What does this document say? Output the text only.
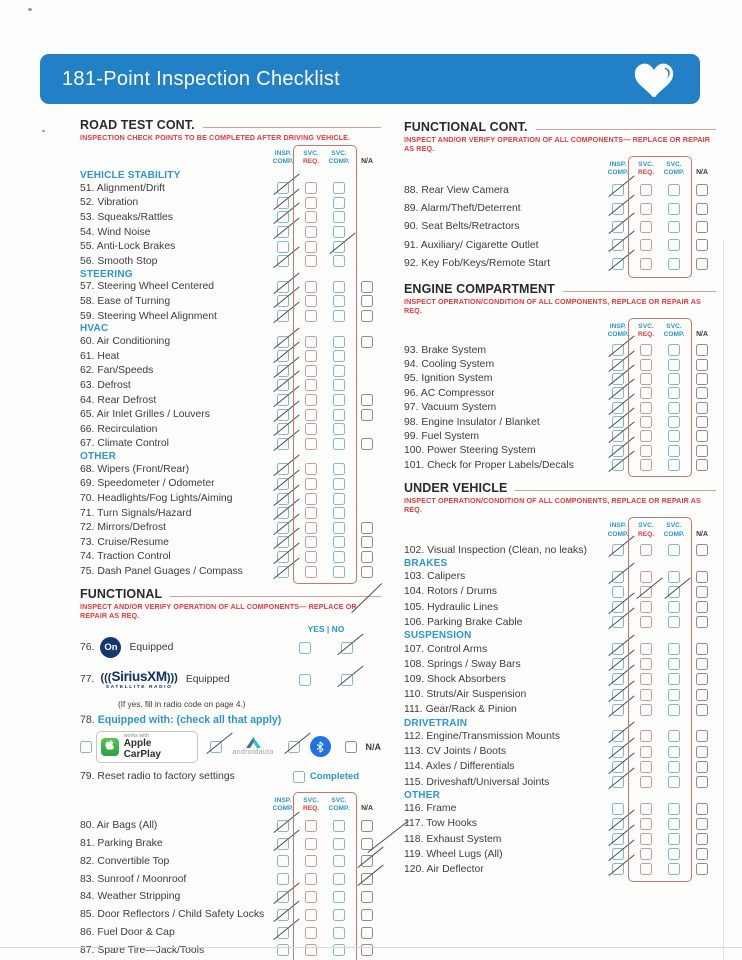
181-Point Inspection Checklist
ROAD TEST CONT.
INSPECTION CHECK POINTS TO BE COMPLETED AFTER DRIVING VEHICLE.
INSP.
COMP.
SVC.
REQ.
SVC.
COMP. N/A
VEHICLE STABILITY
51. Alignment/Drift
52. Vibration
53. Squeaks/Rattles
54. Wind Noise
55. Anti-Lock Brakes
56. Smooth Stop
STEERING
57. Steering Wheel Centered
58. Ease of Turning
59. Steering Wheel Alignment
HVAC
60. Air Conditioning
61. Heat
62. Fan/Speeds
63. Defrost
64. Rear Defrost
65. Air Inlet Grilles / Louvers
66. Recirculation
67. Climate Control
OTHER
68. Wipers (Front/Rear)
69. Speedometer / Odometer
70. Headlights/Fog Lights/Aiming
71. Turn Signals/Hazard
72. Mirrors/Defrost
73. Cruise/Resume
74. Traction Control
75. Dash Panel Guages / Compass
FUNCTIONAL
INSPECT AND/OR VERIFY OPERATION OF ALL COMPONENTS— REPLACE OR REPAIR AS REQ.
YES | NO
76.	On	Equipped
77. (((SiriusXM)))
SATELLITE RADIO
Equipped
(If yes, fill in radio code on page 4.)
78. Equipped with: (check all that apply)
works with
Apple CarPlay	androidauto
N/A
79. Reset radio to factory settings	Completed
INSP.
COMP.
SVC.
REQ.
SVC.
COMP. N/A
80. Air Bags (All)
81. Parking Brake
82. Convertible Top
83. Sunroof / Moonroof
84. Weather Stripping
85. Door Reflectors / Child Safety Locks
86. Fuel Door & Cap
87. Spare Tire—Jack/Tools
FUNCTIONAL CONT.
INSPECT AND/OR VERIFY OPERATION OF ALL COMPONENTS— REPLACE OR REPAIR AS REQ.
INSP.
COMP.
SVC.
REQ.
SVC.
COMP. N/A
88. Rear View Camera
89. Alarm/Theft/Deterrent
90. Seat Belts/Retractors
91. Auxiliary/ Cigarette Outlet
92. Key Fob/Keys/Remote Start
ENGINE COMPARTMENT
INSPECT OPERATION/CONDITION OF ALL COMPONENTS, REPLACE OR REPAIR AS REQ.
INSP.
COMP.
SVC.
REQ.
SVC.
COMP. N/A
93. Brake System
94. Cooling System
95. Ignition System
96. AC Compressor
97. Vacuum System
98. Engine Insulator / Blanket
99. Fuel System
100. Power Steering System
101. Check for Proper Labels/Decals
UNDER VEHICLE
INSPECT OPERATION/CONDITION OF ALL COMPONENTS, REPLACE OR REPAIR AS REQ.
INSP.
COMP.
SVC.
REQ.
SVC.
COMP. N/A
102. Visual Inspection (Clean, no leaks)
BRAKES
103. Calipers
104. Rotors / Drums
105. Hydraulic Lines
106. Parking Brake Cable
SUSPENSION
107. Control Arms
108. Springs / Sway Bars
109. Shock Absorbers
110. Struts/Air Suspension
111. Gear/Rack & Pinion
DRIVETRAIN
112. Engine/Transmission Mounts
113. CV Joints / Boots
114. Axles / Differentials
115. Driveshaft/Universal Joints
OTHER
116. Frame
117. Tow Hooks
118. Exhaust System
119. Wheel Lugs (All)
120. Air Deflector
